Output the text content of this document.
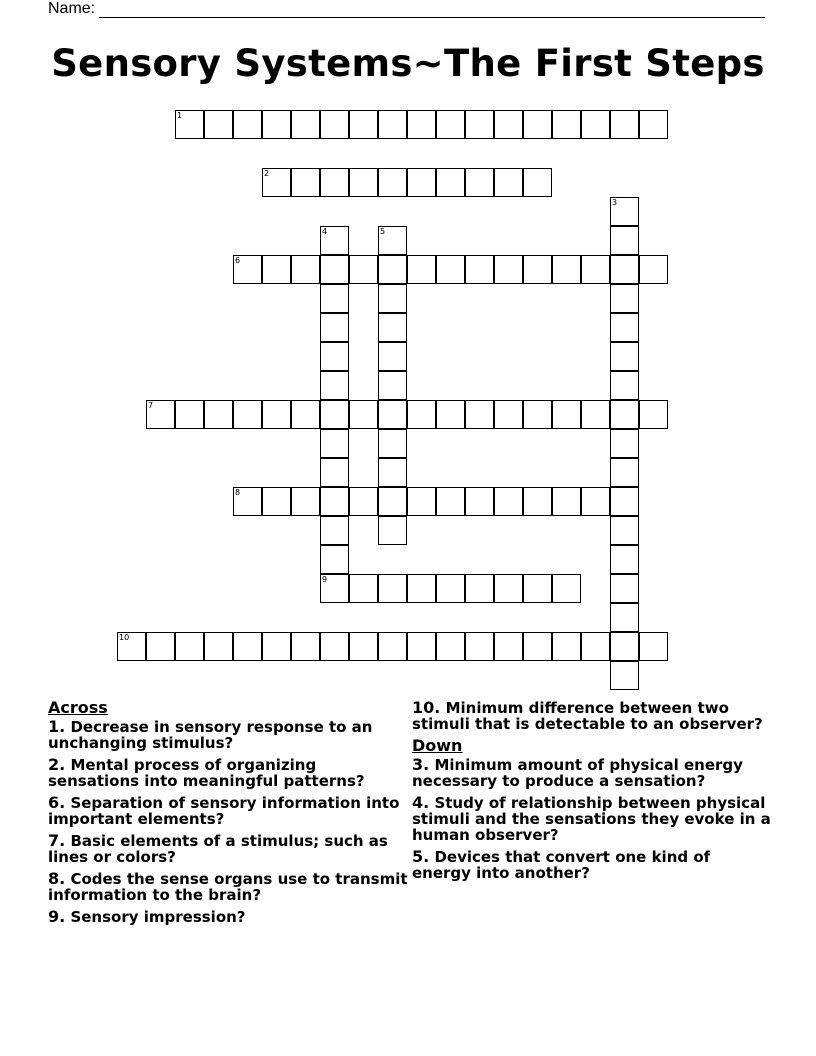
Name:
Sensory Systems~The First Steps
1
2
3
4	5
6
7
8
9
10
Across
1. Decrease in sensory response to an unchanging stimulus?
2. Mental process of organizing sensations into meaningful patterns?
6. Separation of sensory information into important elements?
7. Basic elements of a stimulus; such as lines or colors?
8. Codes the sense organs use to transmit information to the brain?
9. Sensory impression?
10. Minimum difference between two stimuli that is detectable to an observer?
Down
3. Minimum amount of physical energy necessary to produce a sensation?
4. Study of relationship between physical stimuli and the sensations they evoke in a human observer?
5. Devices that convert one kind of energy into another?
